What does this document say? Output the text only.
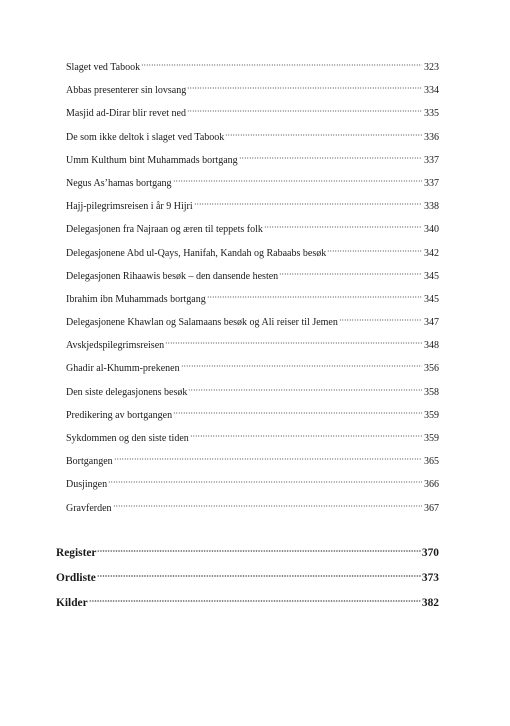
Slaget ved Tabook	323
Abbas presenterer sin lovsang	334
Masjid ad-Dirar blir revet ned	335
De som ikke deltok i slaget ved Tabook	336
Umm Kulthum bint Muhammads bortgang	337
Negus As’hamas bortgang	337
Hajj-pilegrimsreisen i år 9 Hijri	338
Delegasjonen fra Najraan og æren til teppets folk	340
Delegasjonene Abd ul-Qays, Hanifah, Kandah og Rabaabs besøk	342
Delegasjonen Rihaawis besøk – den dansende hesten	345
Ibrahim ibn Muhammads bortgang	345
Delegasjonene Khawlan og Salamaans besøk og Ali reiser til Jemen	347
Avskjedspilegrimsreisen	348
Ghadir al-Khumm-prekenen	356
Den siste delegasjonens besøk	358
Predikering av bortgangen	359
Sykdommen og den siste tiden	359
Bortgangen	365
Dusjingen	366
Gravferden	367
Register	370
Ordliste	373
Kilder	382
